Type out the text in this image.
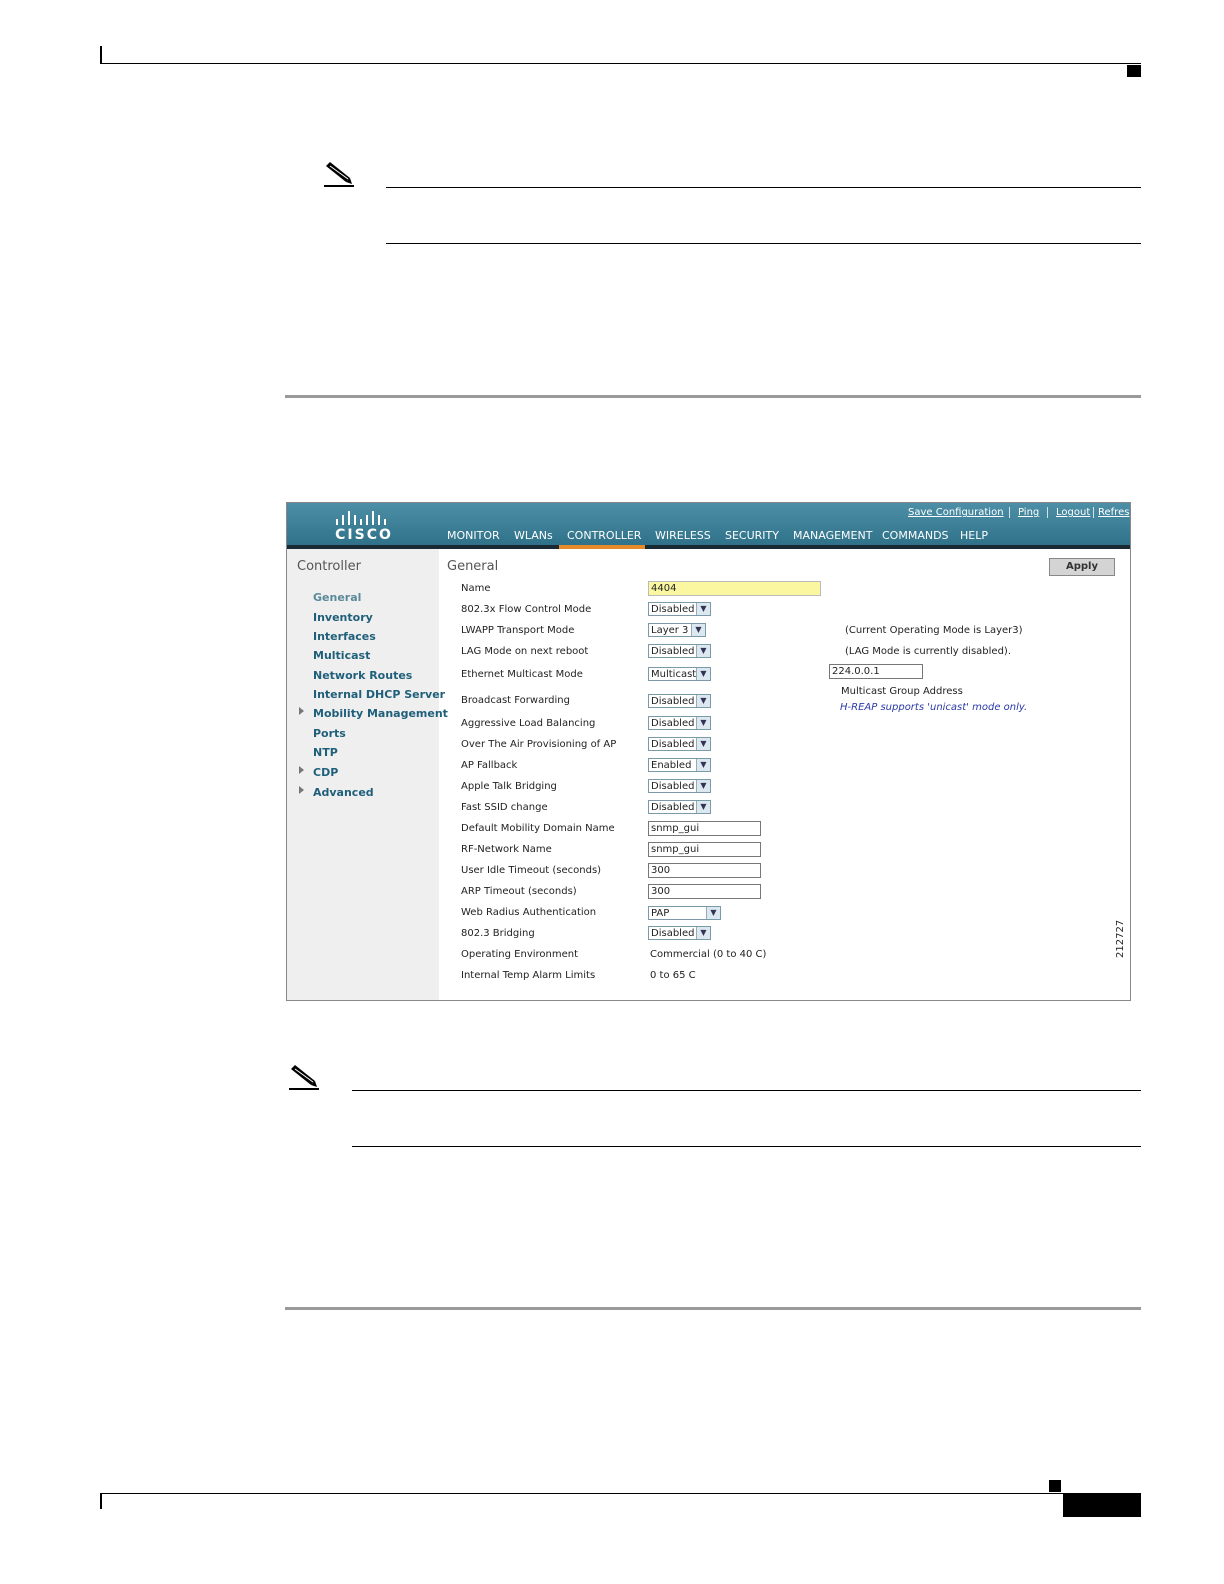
CISCO
Save Configuration Ping Logout Refres
MONITOR WLANs CONTROLLER WIRELESS SECURITY MANAGEMENT COMMANDS HELP
Controller
General
Inventory
Interfaces
Multicast
Network Routes
Internal DHCP Server
Mobility Management
Ports
NTP
CDP
Advanced
General	Apply
Name	4404
802.3x Flow Control Mode	Disabled ▼
LWAPP Transport Mode	Layer 3 ▼	(Current Operating Mode is Layer3)
LAG Mode on next reboot	Disabled ▼	(LAG Mode is currently disabled).
Ethernet Multicast Mode	Multicast ▼	224.0.0.1
Multicast Group Address
H-REAP supports 'unicast' mode only.
Broadcast Forwarding	Disabled ▼
Aggressive Load Balancing	Disabled ▼
Over The Air Provisioning of AP	Disabled ▼
AP Fallback	Enabled	▼
Apple Talk Bridging	Disabled ▼
Fast SSID change	Disabled ▼
Default Mobility Domain Name	snmp_gui
RF-Network Name	snmp_gui
User Idle Timeout (seconds)	300
ARP Timeout (seconds)	300
Web Radius Authentication	PAP	▼
802.3 Bridging	Disabled ▼
Operating Environment	Commercial (0 to 40 C)
Internal Temp Alarm Limits	0 to 65 C
212727
